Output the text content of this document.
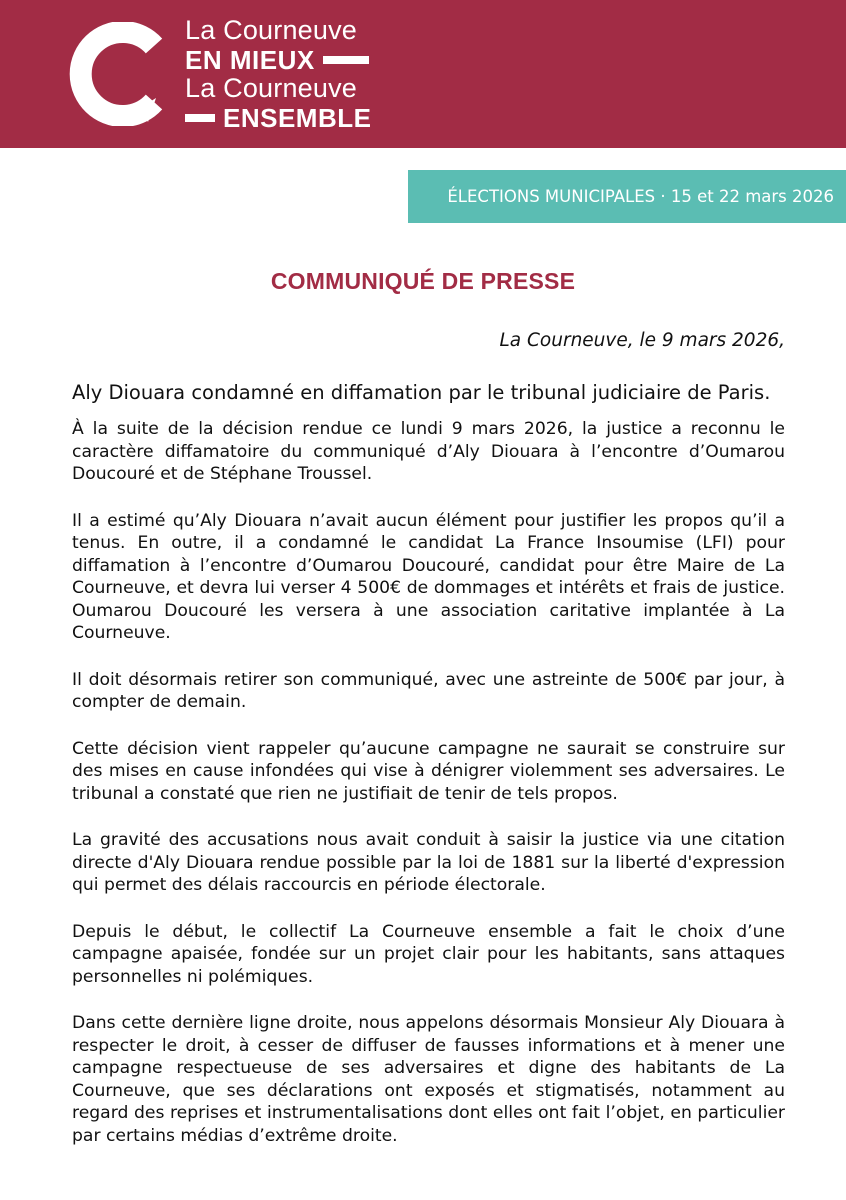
La Courneuve
EN MIEUX
La Courneuve
ENSEMBLE
ÉLECTIONS MUNICIPALES · 15 et 22 mars 2026
COMMUNIQUÉ DE PRESSE
La Courneuve, le 9 mars 2026,
Aly Diouara condamné en diffamation par le tribunal judiciaire de Paris.

À la suite de la décision rendue ce lundi 9 mars 2026, la justice a reconnu le caractère diffamatoire du communiqué d’Aly Diouara à l’encontre d’Oumarou Doucouré et de Stéphane Troussel.

Il a estimé qu’Aly Diouara n’avait aucun élément pour justifier les propos qu’il a tenus. En outre, il a condamné le candidat La France Insoumise (LFI) pour diffamation à l’encontre d’Oumarou Doucouré, candidat pour être Maire de La Courneuve, et devra lui verser 4 500€ de dommages et intérêts et frais de justice. Oumarou Doucouré les versera à une association caritative implantée à La Courneuve.

Il doit désormais retirer son communiqué, avec une astreinte de 500€ par jour, à compter de demain.

Cette décision vient rappeler qu’aucune campagne ne saurait se construire sur des mises en cause infondées qui vise à dénigrer violemment ses adversaires. Le tribunal a constaté que rien ne justifiait de tenir de tels propos.

La gravité des accusations nous avait conduit à saisir la justice via une citation directe d'Aly Diouara rendue possible par la loi de 1881 sur la liberté d'expression qui permet des délais raccourcis en période électorale.

Depuis le début, le collectif La Courneuve ensemble a fait le choix d’une campagne apaisée, fondée sur un projet clair pour les habitants, sans attaques personnelles ni polémiques.

Dans cette dernière ligne droite, nous appelons désormais Monsieur Aly Diouara à respecter le droit, à cesser de diffuser de fausses informations et à mener une campagne respectueuse de ses adversaires et digne des habitants de La Courneuve, que ses déclarations ont exposés et stigmatisés, notamment au regard des reprises et instrumentalisations dont elles ont fait l’objet, en particulier par certains médias d’extrême droite.
